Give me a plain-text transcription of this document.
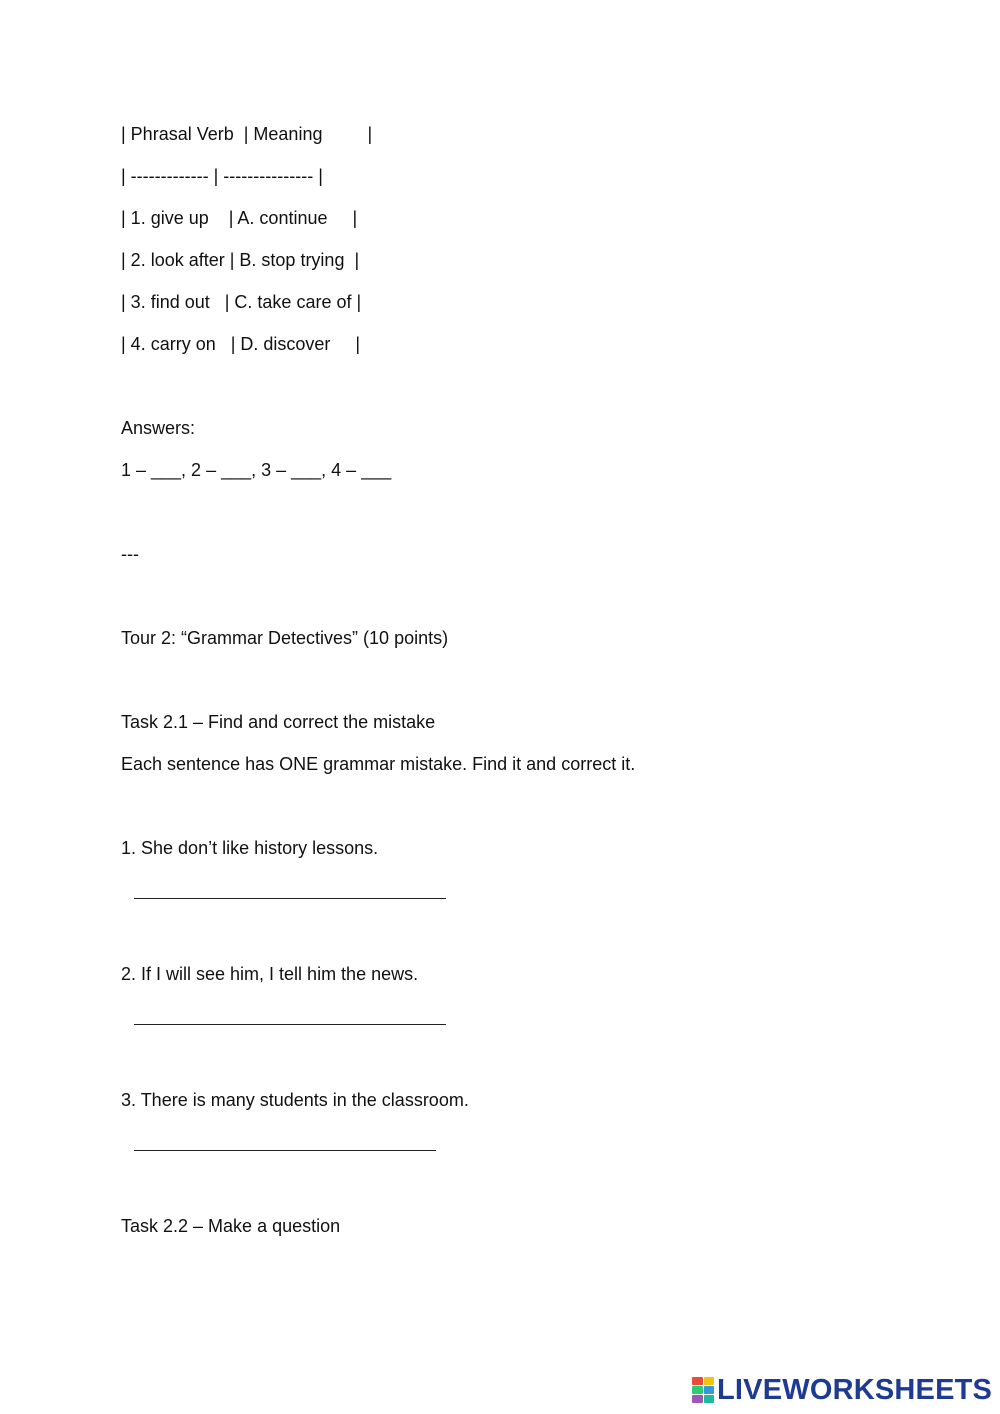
| Phrasal Verb  | Meaning         |
| ------------- | --------------- |
| 1. give up    | A. continue     |
| 2. look after | B. stop trying  |
| 3. find out   | C. take care of |
| 4. carry on   | D. discover     |
Answers:
1 – ___, 2 – ___, 3 – ___, 4 – ___
---
Tour 2: “Grammar Detectives” (10 points)
Task 2.1 – Find and correct the mistake
Each sentence has ONE grammar mistake. Find it and correct it.
1. She don’t like history lessons.
2. If I will see him, I tell him the news.
3. There is many students in the classroom.
Task 2.2 – Make a question
LIVEWORKSHEETS
